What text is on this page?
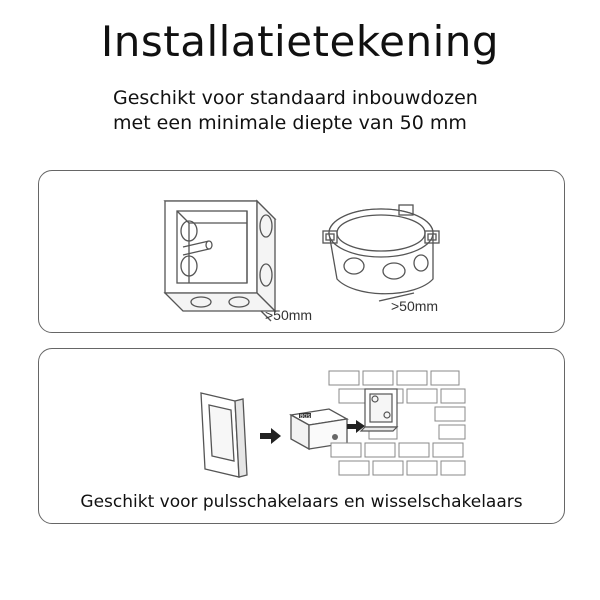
Installatietekening
Geschikt voor standaard inbouwdozen
met een minimale diepte van 50 mm
>50mm
>50mm
BOSS
Geschikt voor pulsschakelaars en wisselschakelaars
